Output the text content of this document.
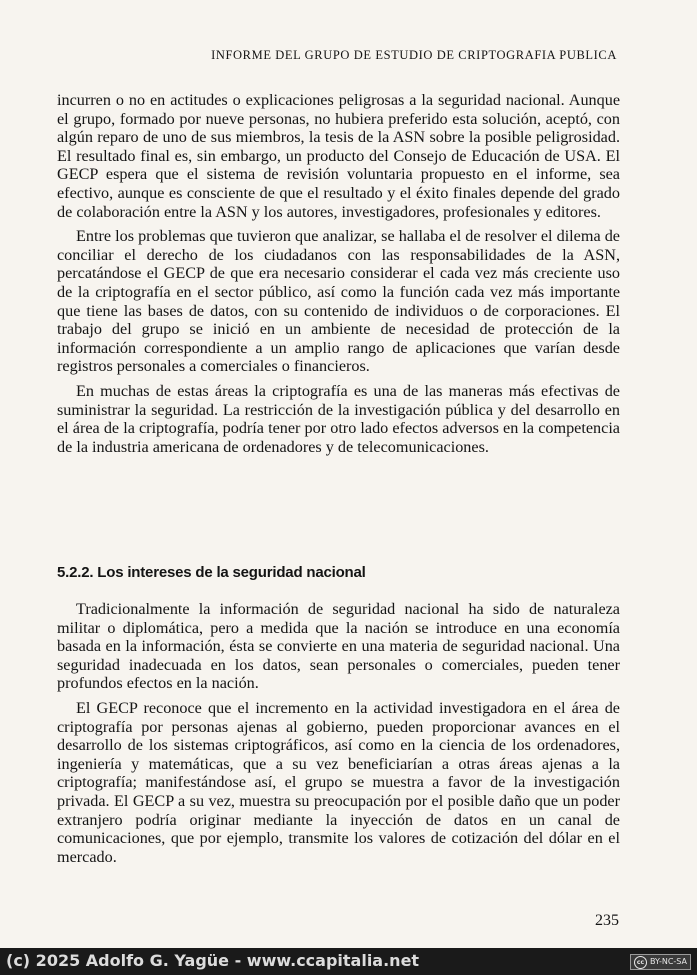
INFORME DEL GRUPO DE ESTUDIO DE CRIPTOGRAFIA PUBLICA

incurren o no en actitudes o explicaciones peligrosas a la seguridad nacional. Aunque el grupo, formado por nueve personas, no hubiera preferido esta solución, aceptó, con algún reparo de uno de sus miembros, la tesis de la ASN sobre la posible peligrosidad. El resultado final es, sin embargo, un producto del Consejo de Educación de USA. El GECP espera que el sistema de revisión voluntaria propuesto en el informe, sea efectivo, aunque es consciente de que el resultado y el éxito finales depende del grado de colaboración entre la ASN y los autores, investigadores, profesionales y editores.

Entre los problemas que tuvieron que analizar, se hallaba el de resolver el dilema de conciliar el derecho de los ciudadanos con las responsabilidades de la ASN, percatándose el GECP de que era necesario considerar el cada vez más creciente uso de la criptografía en el sector público, así como la función cada vez más importante que tiene las bases de datos, con su contenido de individuos o de corporaciones. El trabajo del grupo se inició en un ambiente de necesidad de protección de la información correspondiente a un amplio rango de aplicaciones que varían desde registros personales a comerciales o financieros.

En muchas de estas áreas la criptografía es una de las maneras más efectivas de suministrar la seguridad. La restricción de la investigación pública y del desarrollo en el área de la criptografía, podría tener por otro lado efectos adversos en la competencia de la industria americana de ordenadores y de telecomunicaciones.

5.2.2. Los intereses de la seguridad nacional

Tradicionalmente la información de seguridad nacional ha sido de naturaleza militar o diplomática, pero a medida que la nación se introduce en una economía basada en la información, ésta se convierte en una materia de seguridad nacional. Una seguridad inadecuada en los datos, sean personales o comerciales, pueden tener profundos efectos en la nación.

El GECP reconoce que el incremento en la actividad investigadora en el área de criptografía por personas ajenas al gobierno, pueden proporcionar avances en el desarrollo de los sistemas criptográficos, así como en la ciencia de los ordenadores, ingeniería y matemáticas, que a su vez beneficiarían a otras áreas ajenas a la criptografía; manifestándose así, el grupo se muestra a favor de la investigación privada. El GECP a su vez, muestra su preocupación por el posible daño que un poder extranjero podría originar mediante la inyección de datos en un canal de comunicaciones, que por ejemplo, transmite los valores de cotización del dólar en el mercado.

235
(c) 2025 Adolfo G. Yagüe - www.ccapitalia.net	cc BY-NC-SA
